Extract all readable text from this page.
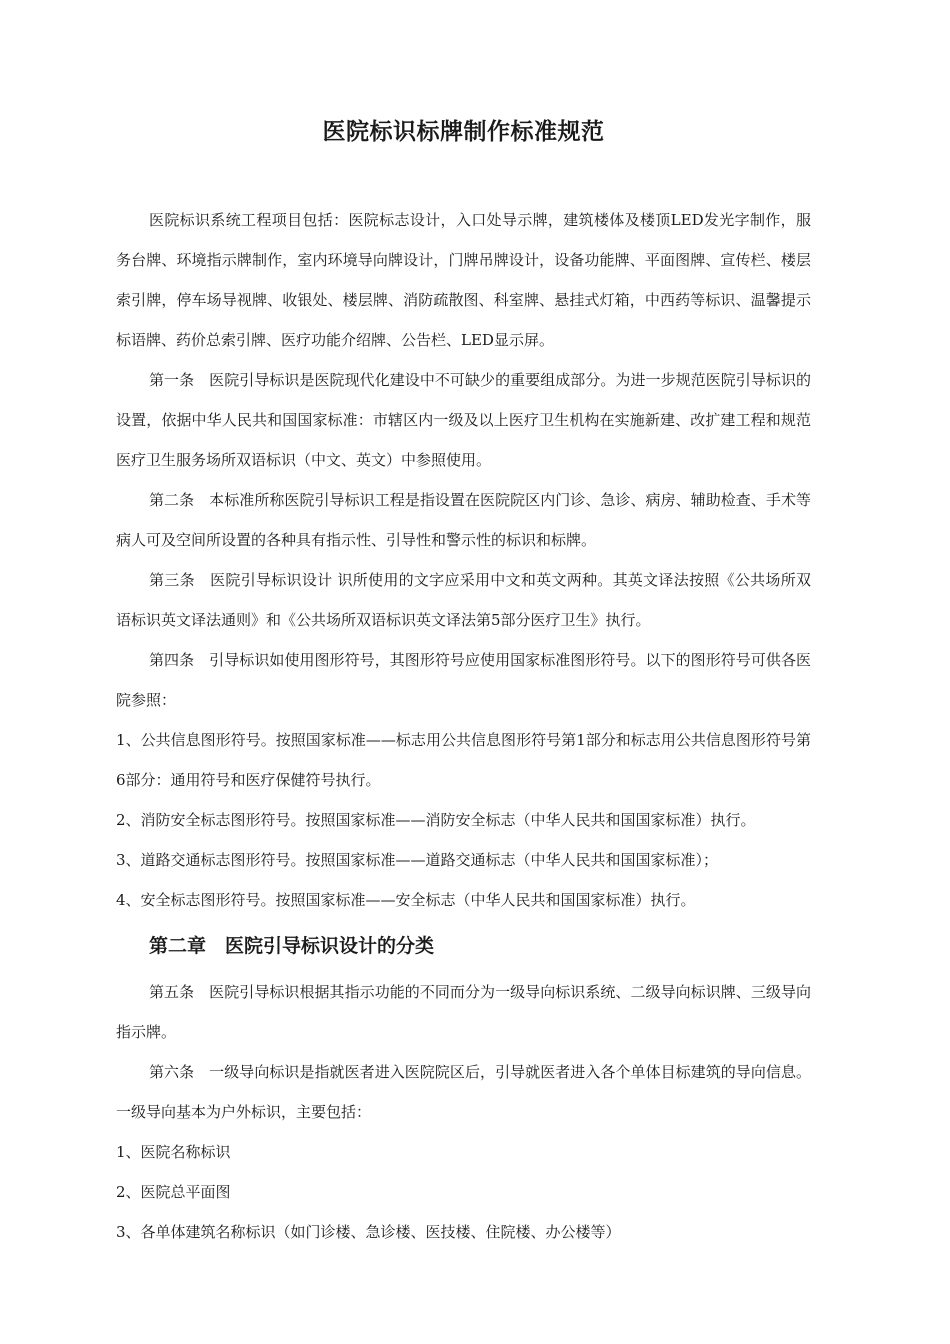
医院标识标牌制作标准规范

医院标识系统工程项目包括：医院标志设计，入口处导示牌，建筑楼体及楼顶LED发光字制作，服务台牌、环境指示牌制作，室内环境导向牌设计，门牌吊牌设计，设备功能牌、平面图牌、宣传栏、楼层索引牌，停车场导视牌、收银处、楼层牌、消防疏散图、科室牌、悬挂式灯箱，中西药等标识、温馨提示标语牌、药价总索引牌、医疗功能介绍牌、公告栏、LED显示屏。

第一条　医院引导标识是医院现代化建设中不可缺少的重要组成部分。为进一步规范医院引导标识的设置，依据中华人民共和国国家标准：市辖区内一级及以上医疗卫生机构在实施新建、改扩建工程和规范医疗卫生服务场所双语标识（中文、英文）中参照使用。

第二条　本标准所称医院引导标识工程是指设置在医院院区内门诊、急诊、病房、辅助检查、手术等病人可及空间所设置的各种具有指示性、引导性和警示性的标识和标牌。

第三条　医院引导标识设计 识所使用的文字应采用中文和英文两种。其英文译法按照《公共场所双语标识英文译法通则》和《公共场所双语标识英文译法第5部分医疗卫生》执行。

第四条　引导标识如使用图形符号，其图形符号应使用国家标准图形符号。以下的图形符号可供各医院参照：

1、公共信息图形符号。按照国家标准——标志用公共信息图形符号第1部分和标志用公共信息图形符号第6部分：通用符号和医疗保健符号执行。

2、消防安全标志图形符号。按照国家标准——消防安全标志（中华人民共和国国家标准）执行。

3、道路交通标志图形符号。按照国家标准——道路交通标志（中华人民共和国国家标准）；

4、安全标志图形符号。按照国家标准——安全标志（中华人民共和国国家标准）执行。

第二章　医院引导标识设计的分类

第五条　医院引导标识根据其指示功能的不同而分为一级导向标识系统、二级导向标识牌、三级导向指示牌。

第六条　一级导向标识是指就医者进入医院院区后，引导就医者进入各个单体目标建筑的导向信息。一级导向基本为户外标识，主要包括：

1、医院名称标识

2、医院总平面图

3、各单体建筑名称标识（如门诊楼、急诊楼、医技楼、住院楼、办公楼等）
